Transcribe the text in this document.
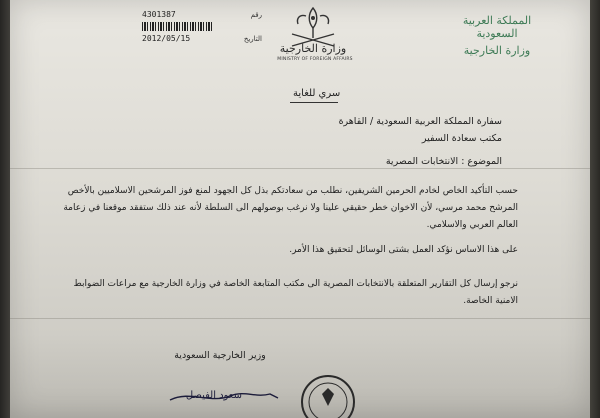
4301387	رقم
2012/05/15	التاريخ
وزارة الخارجية
MINISTRY OF FOREIGN AFFAIRS
المملكة العربية السعودية
وزارة الخارجية
سري للغاية
سفارة المملكة العربية السعودية / القاهرة
مكتب سعادة السفير
الموضوع : الانتخابات المصرية
حسب التأكيد الخاص لخادم الحرمين الشريفين، نطلب من سعادتكم بذل كل الجهود لمنع فوز المرشحين الاسلاميين بالأخص المرشح محمد مرسي، لأن الاخوان خطر حقيقي علينا ولا نرغب بوصولهم الى السلطة لأنه عند ذلك ستفقد موقعنا في زعامة العالم العربي والاسلامي.
على هذا الاساس نؤكد العمل بشتى الوسائل لتحقيق هذا الأمر.
نرجو إرسال كل التقارير المتعلقة بالانتخابات المصرية الى مكتب المتابعة الخاصة في وزارة الخارجية مع مراعات الضوابط الامنية الخاصة.
وزير الخارجية السعودية
سعود الفيصل
